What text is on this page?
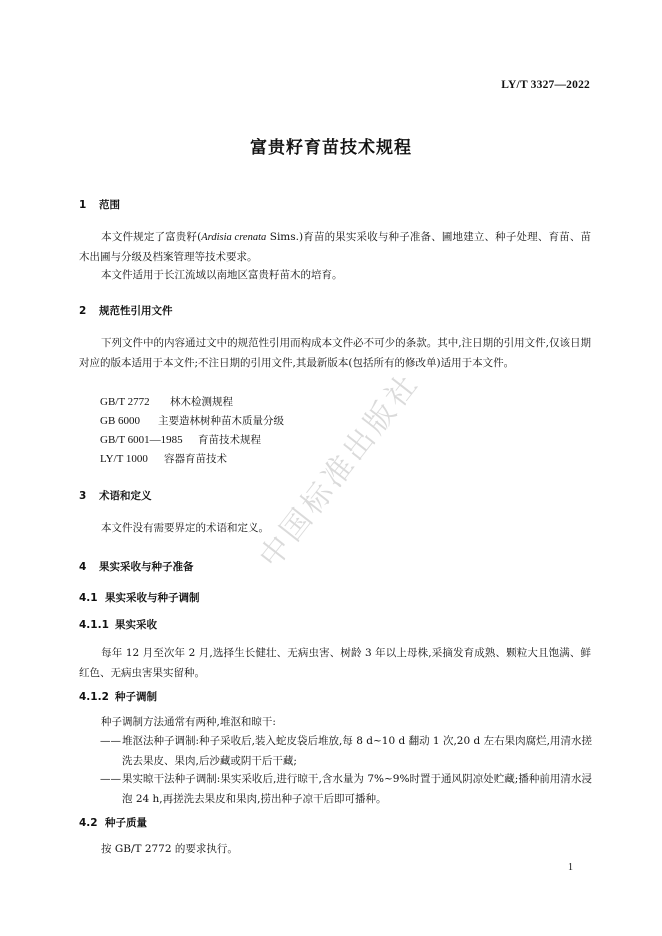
LY/T 3327—2022
富贵籽育苗技术规程
1 范围
本文件规定了富贵籽(Ardisia crenata Sims.)育苗的果实采收与种子准备、圃地建立、种子处理、育苗、苗木出圃与分级及档案管理等技术要求。
本文件适用于长江流域以南地区富贵籽苗木的培育。
2 规范性引用文件
下列文件中的内容通过文中的规范性引用而构成本文件必不可少的条款。其中,注日期的引用文件,仅该日期对应的版本适用于本文件;不注日期的引用文件,其最新版本(包括所有的修改单)适用于本文件。
GB/T 2772 林木检测规程
GB 6000 主要造林树种苗木质量分级
GB/T 6001—1985 育苗技术规程
LY/T 1000 容器育苗技术
3 术语和定义
本文件没有需要界定的术语和定义。
4 果实采收与种子准备
4.1 果实采收与种子调制
4.1.1 果实采收
每年 12 月至次年 2 月,选择生长健壮、无病虫害、树龄 3 年以上母株,采摘发育成熟、颗粒大且饱满、鲜红色、无病虫害果实留种。
4.1.2 种子调制
种子调制方法通常有两种,堆沤和晾干:
—— 堆沤法种子调制:种子采收后,装入蛇皮袋后堆放,每 8 d~10 d 翻动 1 次,20 d 左右果肉腐烂,用清水搓洗去果皮、果肉,后沙藏或阴干后干藏;
—— 果实晾干法种子调制:果实采收后,进行晾干,含水量为 7%~9%时置于通风阴凉处贮藏;播种前用清水浸泡 24 h,再搓洗去果皮和果肉,捞出种子凉干后即可播种。
4.2 种子质量
按 GB/T 2772 的要求执行。
中国标准出版社
1
